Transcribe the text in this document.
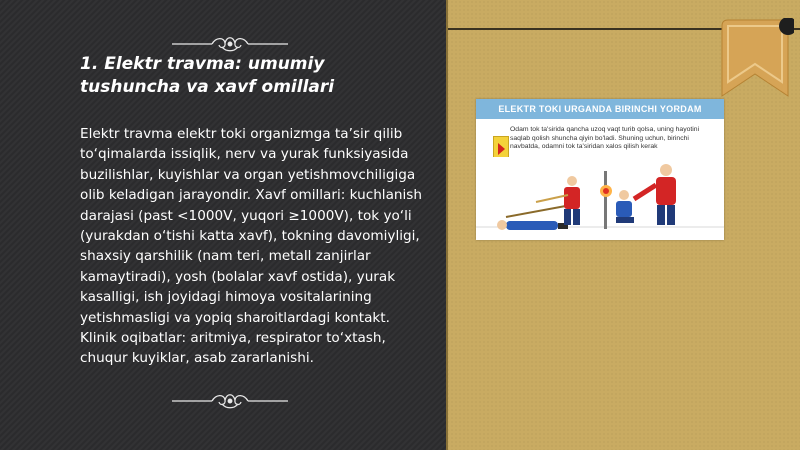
1. Elektr travma: umumiy tushuncha va xavf omillari

Elektr travma elektr toki organizmga ta’sir qilib to‘qimalarda issiqlik, nerv va yurak funksiyasida buzilishlar, kuyishlar va organ yetishmovchiligiga olib keladigan jarayondir. Xavf omillari: kuchlanish darajasi (past <1000V, yuqori ≥1000V), tok yo‘li (yurakdan o‘tishi katta xavf), tokning davomiyligi, shaxsiy qarshilik (nam teri, metall zanjirlar kamaytiradi), yosh (bolalar xavf ostida), yurak kasalligi, ish joyidagi himoya vositalarining yetishmasligi va yopiq sharoitlardagi kontakt. Klinik oqibatlar: aritmiya, respirator to‘xtash, chuqur kuyiklar, asab zararlanishi.

ELEKTR TOKI URGANDA BIRINCHI YORDAM
Odam tok ta'sirida qancha uzoq vaqt turib qolsa, uning hayotini saqlab qolish shuncha qiyin bo'ladi. Shuning uchun, birinchi navbatda, odamni tok ta'siridan xalos qilish kerak
